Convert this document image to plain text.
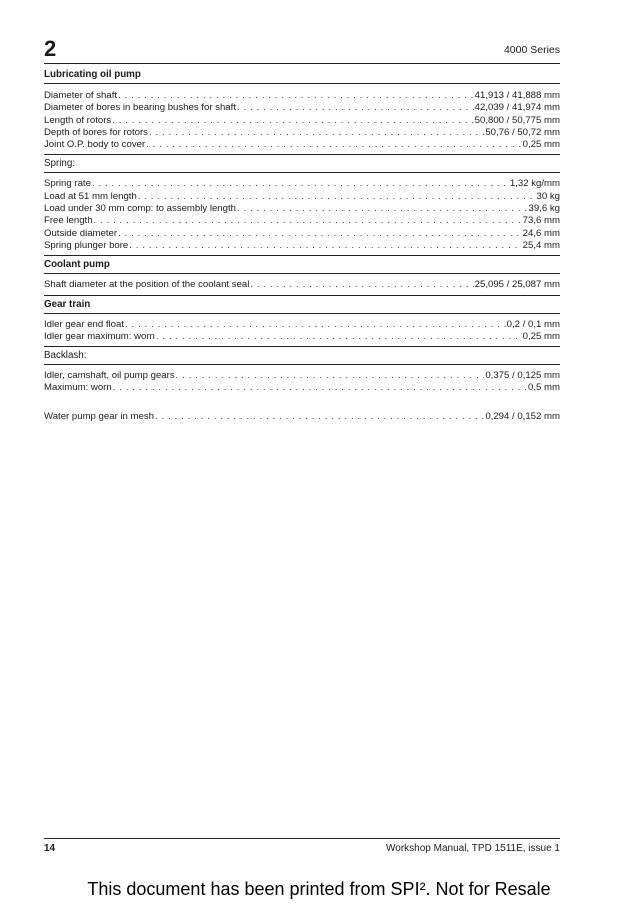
2	4000 Series

Lubricating oil pump

Diameter of shaft . . .	41,913 / 41,888 mm
Diameter of bores in bearing bushes for shaft . . .	42,039 / 41,974 mm
Length of rotors . . .	50,800 / 50,775 mm
Depth of bores for rotors . . .	50,76 / 50,72 mm
Joint O.P. body to cover . . .	0,25 mm

Spring:

Spring rate . . .	1,32 kg/mm
Load at 51 mm length . . .	30 kg
Load under 30 mm comp: to assembly length . . .	39,6 kg
Free length . . .	73,6 mm
Outside diameter . . .	24,6 mm
Spring plunger bore . . .	25,4 mm

Coolant pump

Shaft diameter at the position of the coolant seal . . .	25,095 / 25,087 mm

Gear train

Idler gear end float . . .	0,2 / 0,1 mm
Idler gear maximum: worn . . .	0,25 mm

Backlash:

Idler, camshaft, oil pump gears . . .	0,375 / 0,125 mm
Maximum: worn . . .	0,5 mm
Water pump gear in mesh . . .	0,294 / 0,152 mm
14	Workshop Manual, TPD 1511E, issue 1
This document has been printed from SPI². Not for Resale
